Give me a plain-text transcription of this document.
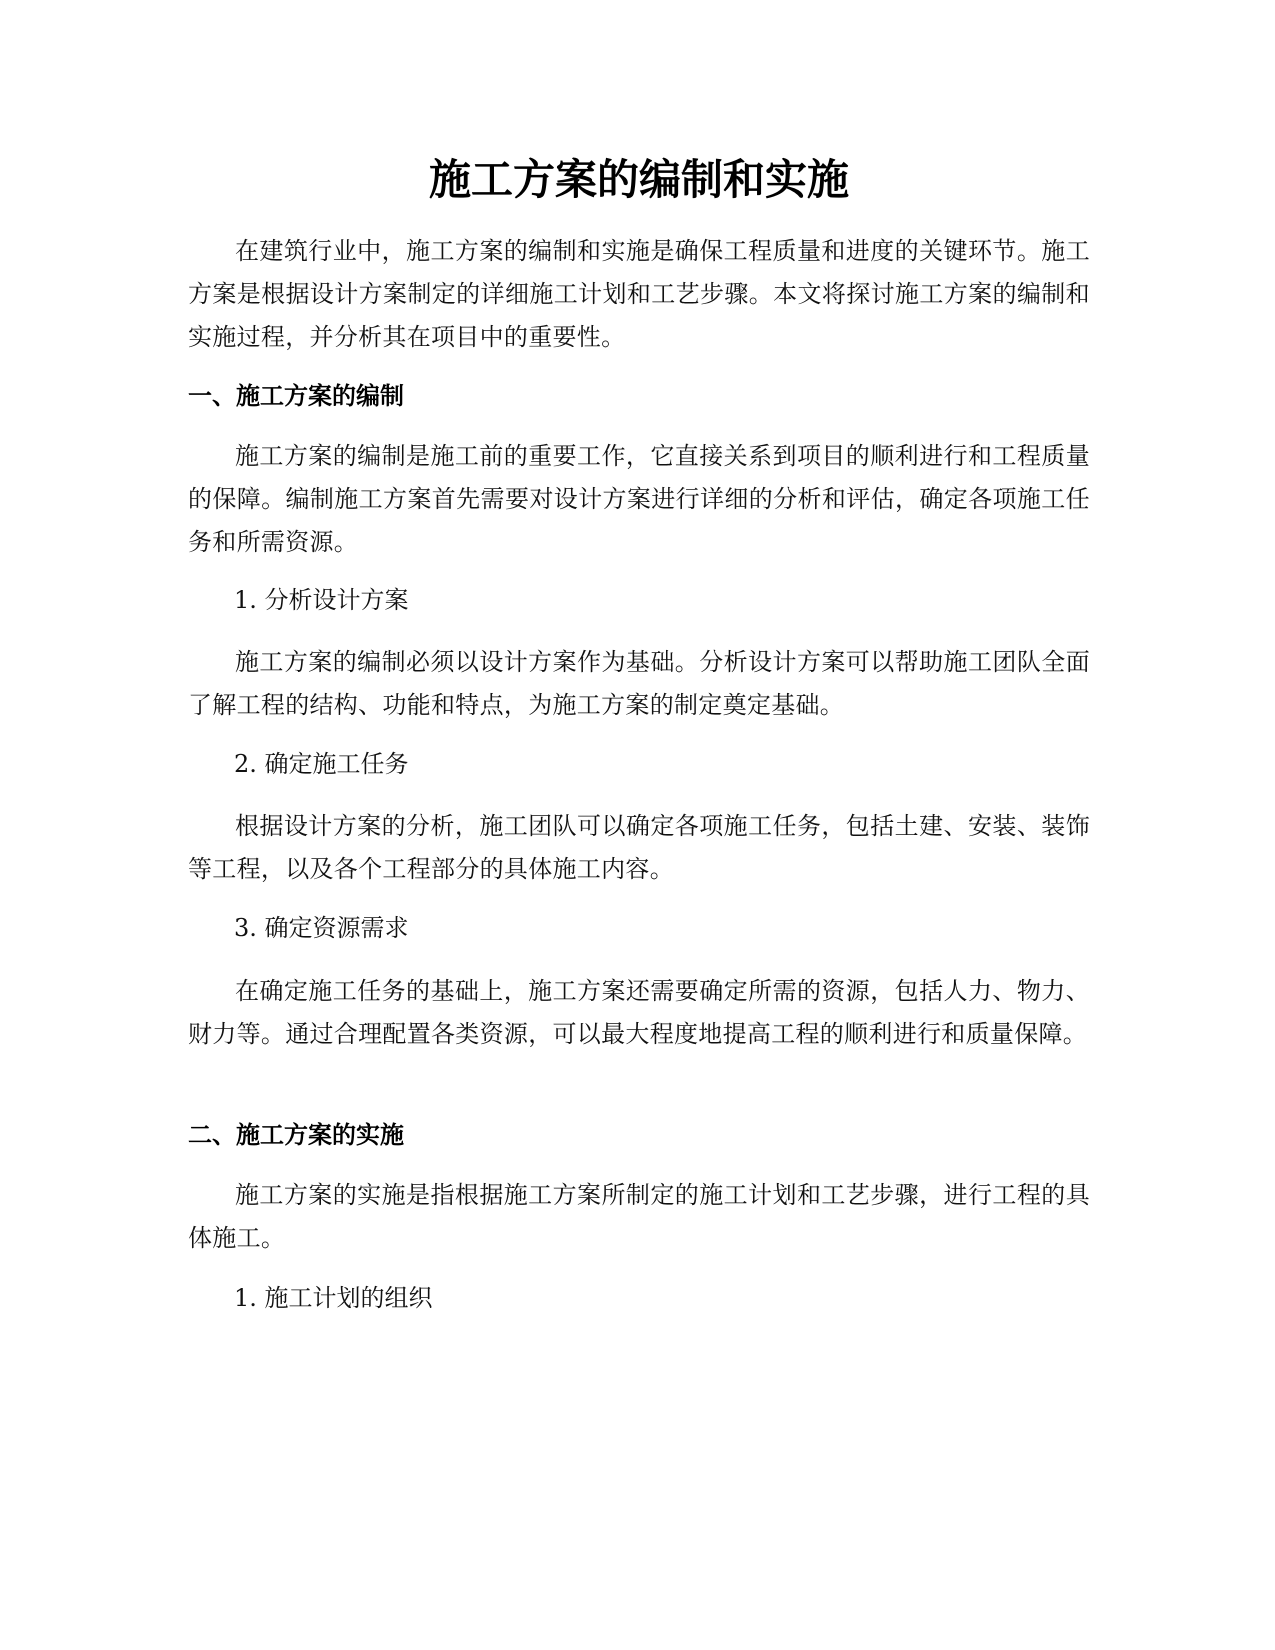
施工方案的编制和实施

在建筑行业中，施工方案的编制和实施是确保工程质量和进度的关键环节。施工方案是根据设计方案制定的详细施工计划和工艺步骤。本文将探讨施工方案的编制和实施过程，并分析其在项目中的重要性。

一、施工方案的编制

施工方案的编制是施工前的重要工作，它直接关系到项目的顺利进行和工程质量的保障。编制施工方案首先需要对设计方案进行详细的分析和评估，确定各项施工任务和所需资源。

1. 分析设计方案

施工方案的编制必须以设计方案作为基础。分析设计方案可以帮助施工团队全面了解工程的结构、功能和特点，为施工方案的制定奠定基础。

2. 确定施工任务

根据设计方案的分析，施工团队可以确定各项施工任务，包括土建、安装、装饰等工程，以及各个工程部分的具体施工内容。

3. 确定资源需求

在确定施工任务的基础上，施工方案还需要确定所需的资源，包括人力、物力、财力等。通过合理配置各类资源，可以最大程度地提高工程的顺利进行和质量保障。

二、施工方案的实施

施工方案的实施是指根据施工方案所制定的施工计划和工艺步骤，进行工程的具体施工。

1. 施工计划的组织
